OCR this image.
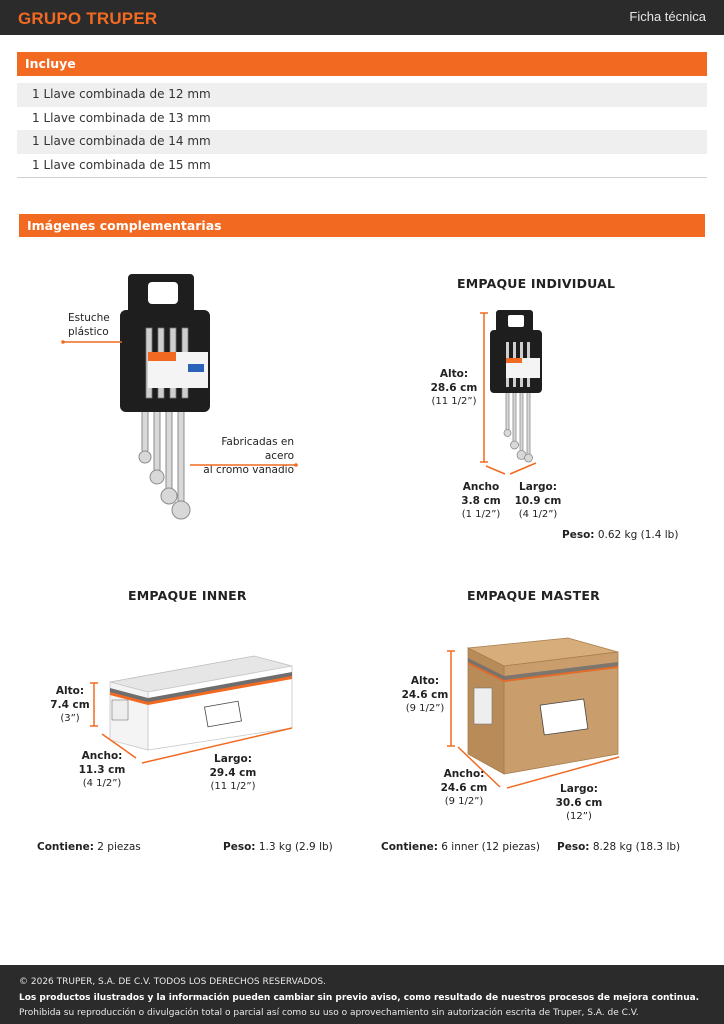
GRUPO TRUPER	Ficha técnica
Incluye
1 Llave combinada de 12 mm
1 Llave combinada de 13 mm
1 Llave combinada de 14 mm
1 Llave combinada de 15 mm
Imágenes complementarias
Estuche
plástico
Fabricadas en acero
al cromo vanadio
EMPAQUE INDIVIDUAL
Alto:
28.6 cm
(11 1/2”)
Ancho
3.8 cm
(1 1/2”)
Largo:
10.9 cm
(4 1/2”)
Peso: 0.62 kg (1.4 lb)
EMPAQUE INNER
Alto:
7.4 cm
(3”)
Ancho:
11.3 cm
(4 1/2”)
Largo:
29.4 cm
(11 1/2”)
Contiene: 2 piezas	Peso: 1.3 kg (2.9 lb)
EMPAQUE MASTER
Alto:
24.6 cm
(9 1/2”)
Ancho:
24.6 cm
(9 1/2”)
Largo:
30.6 cm
(12”)
Contiene: 6 inner (12 piezas) Peso: 8.28 kg (18.3 lb)
© 2026 TRUPER, S.A. DE C.V. TODOS LOS DERECHOS RESERVADOS.
Los productos ilustrados y la información pueden cambiar sin previo aviso, como resultado de nuestros procesos de mejora continua.
Prohibida su reproducción o divulgación total o parcial así como su uso o aprovechamiento sin autorización escrita de Truper, S.A. de C.V.
